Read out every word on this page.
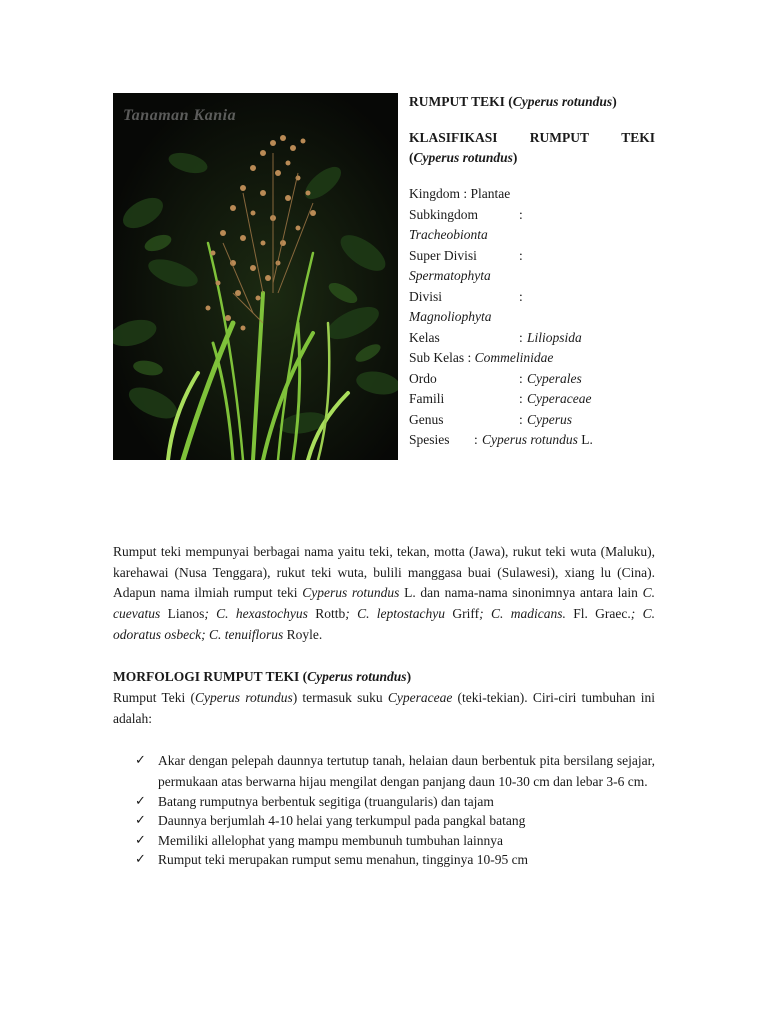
Tanaman Kania

RUMPUT TEKI (Cyperus rotundus)

KLASIFIKASI RUMPUT TEKI
(Cyperus rotundus)
Kingdom : Plantae
Subkingdom	:
Tracheobionta
Super Divisi	:
Spermatophyta
Divisi	:
Magnoliophyta
Kelas	: Liliopsida
Sub Kelas : Commelinidae
Ordo	: Cyperales
Famili	: Cyperaceae
Genus	: Cyperus
Spesies : Cyperus rotundus L.

Rumput teki mempunyai berbagai nama yaitu teki, tekan, motta (Jawa), rukut teki wuta (Maluku), karehawai (Nusa Tenggara), rukut teki wuta, bulili manggasa buai (Sulawesi), xiang lu (Cina). Adapun nama ilmiah rumput teki Cyperus rotundus L. dan nama-nama sinonimnya antara lain C. cuevatus Lianos; C. hexastochyus Rottb; C. leptostachyu Griff; C. madicans. Fl. Graec.; C. odoratus osbeck; C. tenuiflorus Royle.

MORFOLOGI RUMPUT TEKI (Cyperus rotundus)

Rumput Teki (Cyperus rotundus) termasuk suku Cyperaceae (teki-tekian). Ciri-ciri tumbuhan ini adalah:

✓ Akar dengan pelepah daunnya tertutup tanah, helaian daun berbentuk pita bersilang sejajar, permukaan atas berwarna hijau mengilat dengan panjang daun 10-30 cm dan lebar 3-6 cm.
✓ Batang rumputnya berbentuk segitiga (truangularis) dan tajam
✓ Daunnya berjumlah 4-10 helai yang terkumpul pada pangkal batang
✓ Memiliki allelophat yang mampu membunuh tumbuhan lainnya
✓ Rumput teki merupakan rumput semu menahun, tingginya 10-95 cm
